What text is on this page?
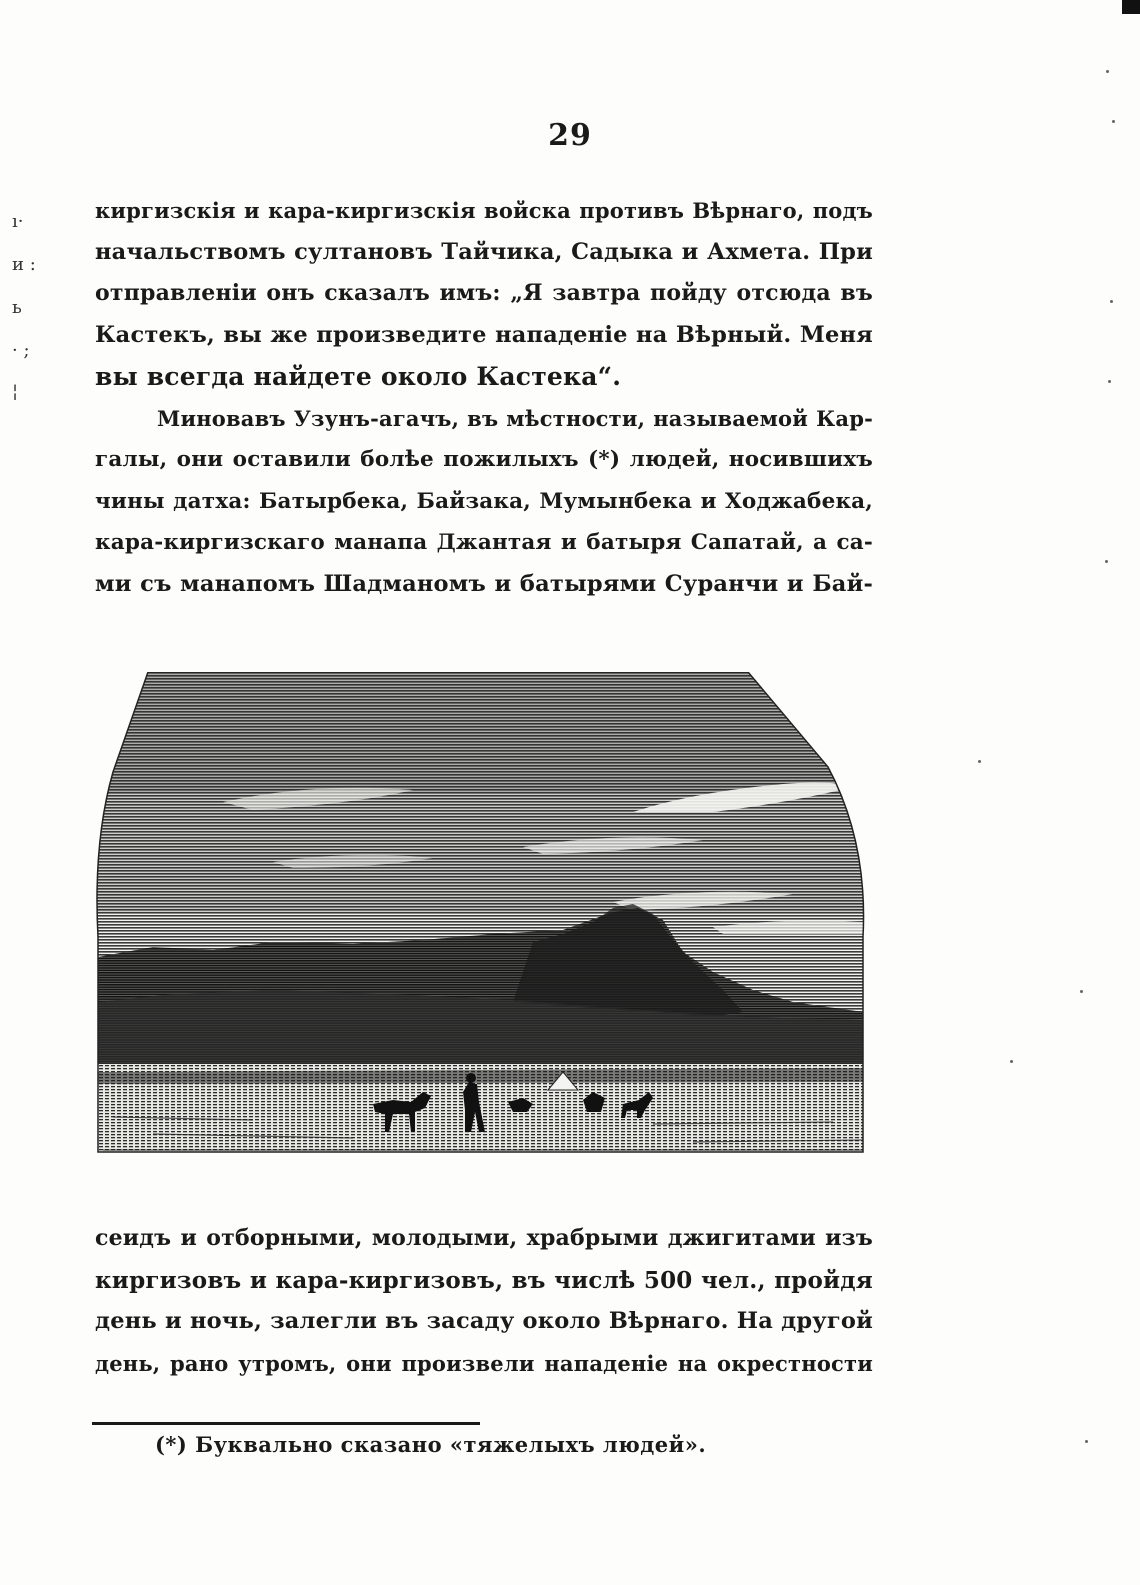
ı·
и :
ь
· ;
¦
29
киргизскія и кара-киргизскія войска противъ Вѣрнаго, подъ
начальствомъ султановъ Тайчика, Садыка и Ахмета. При
отправленіи онъ сказалъ имъ: „Я завтра пойду отсюда въ
Кастекъ, вы же произведите нападеніе на Вѣрный. Меня
вы всегда найдете около Кастека“.
Миновавъ Узунъ-агачъ, въ мѣстности, называемой Кар-
галы, они оставили болѣе пожилыхъ (*) людей, носившихъ
чины датха: Батырбека, Байзака, Мумынбека и Ходжабека,
кара-киргизскаго манапа Джантая и батыря Сапатай, а са-
ми съ манапомъ Шадманомъ и батырями Суранчи и Бай-
сеидъ и отборными, молодыми, храбрыми джигитами изъ
киргизовъ и кара-киргизовъ, въ числѣ 500 чел., пройдя
день и ночь, залегли въ засаду около Вѣрнаго. На другой
день, рано утромъ, они произвели нападеніе на окрестности
(*) Буквально сказано «тяжелыхъ людей».
